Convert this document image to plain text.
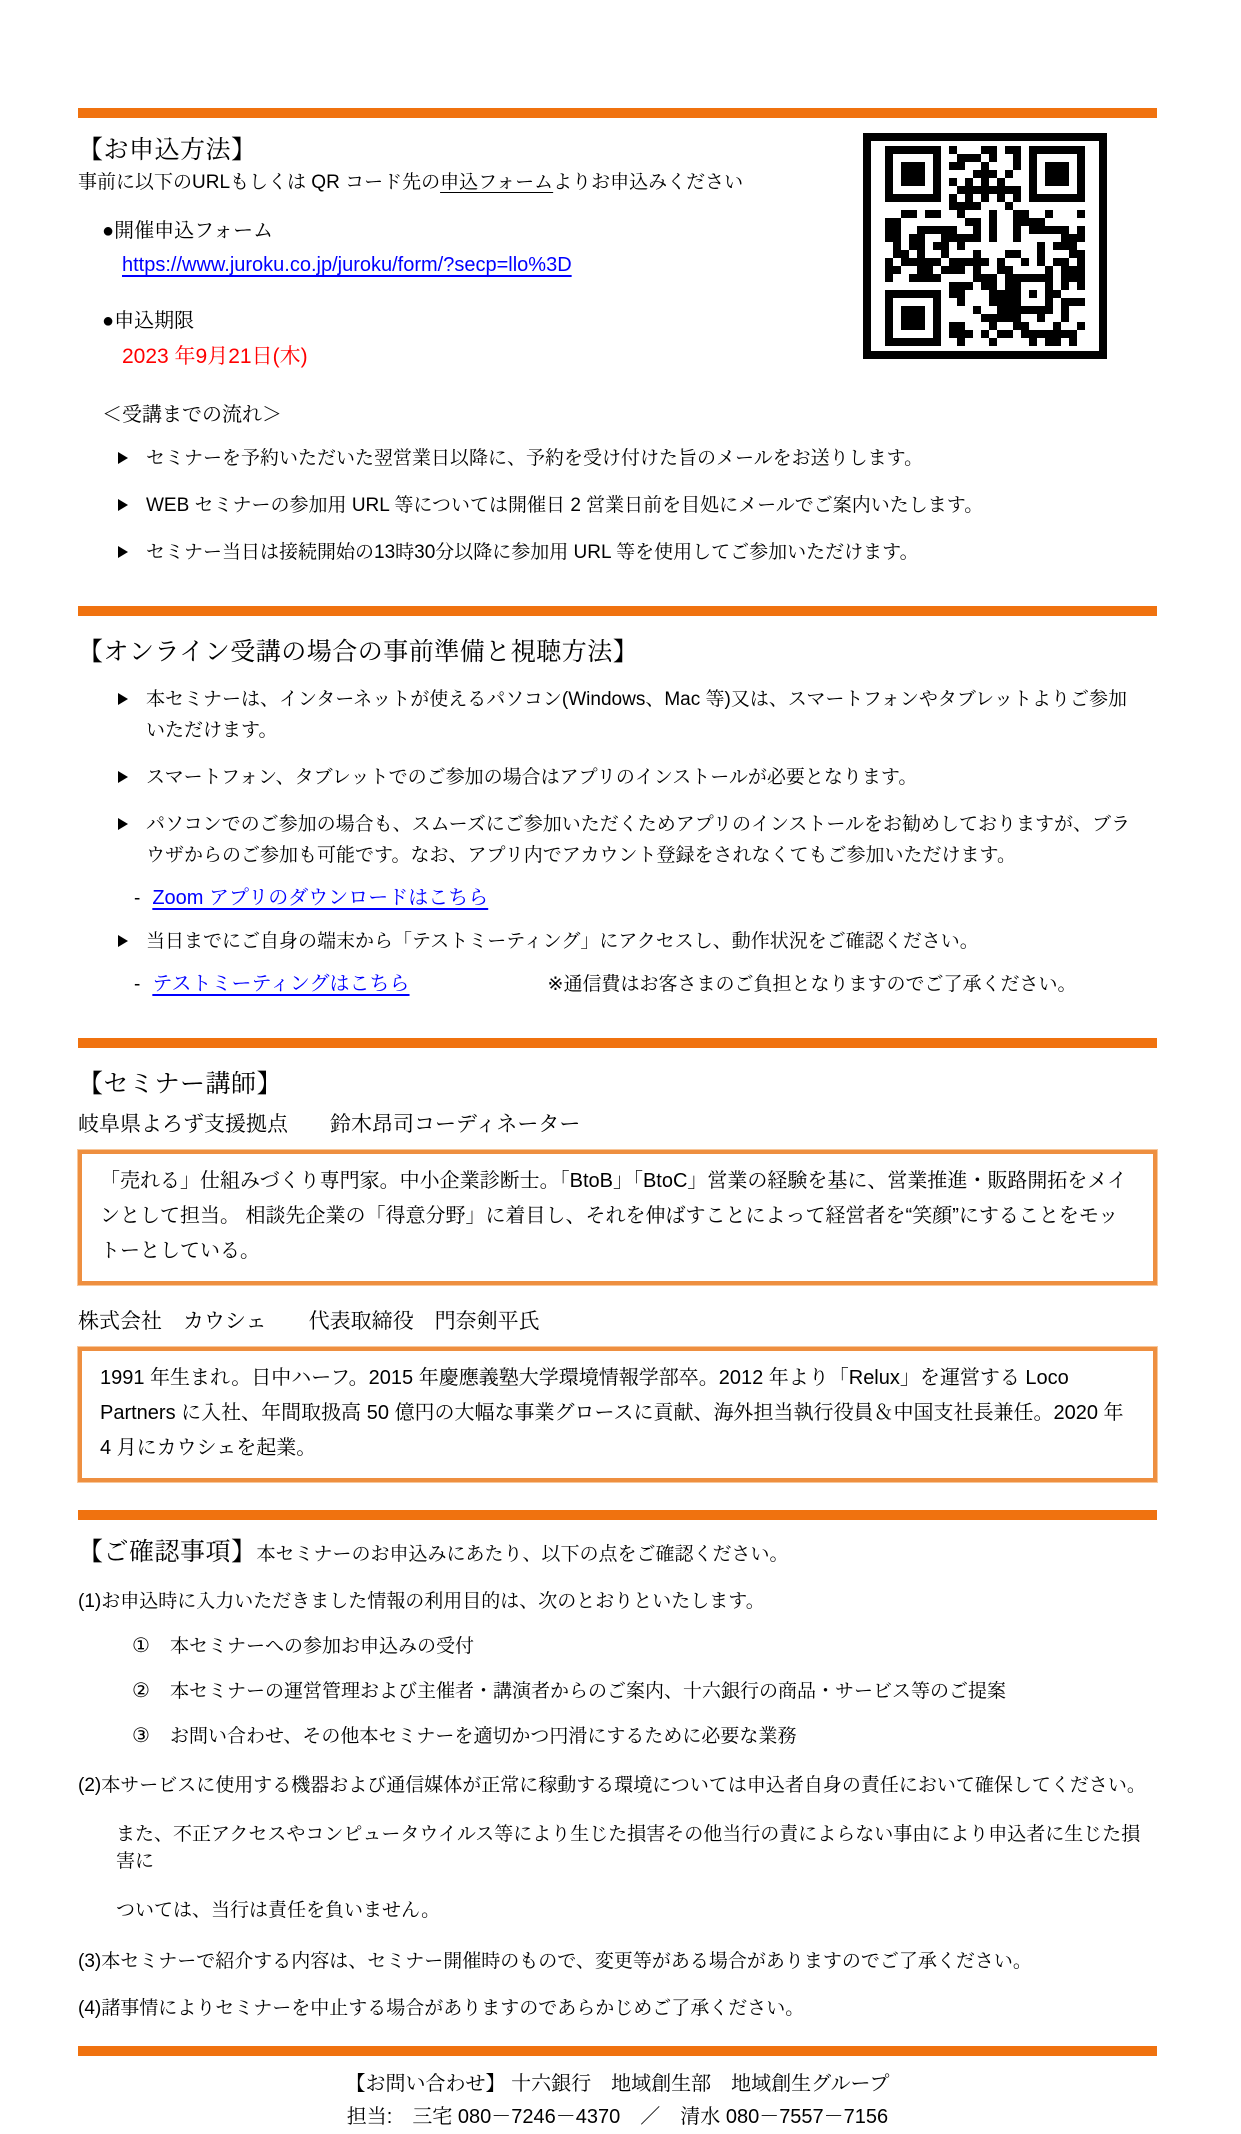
【お申込方法】

事前に以下のURLもしくは QR コード先の申込フォームよりお申込みください

●開催申込フォーム

https://www.juroku.co.jp/juroku/form/?secp=llo%3D

●申込期限

2023 年9月21日(木)

＜受講までの流れ＞

セミナーを予約いただいた翌営業日以降に、予約を受け付けた旨のメールをお送りします。
WEB セミナーの参加用 URL 等については開催日 2 営業日前を目処にメールでご案内いたします。
セミナー当日は接続開始の13時30分以降に参加用 URL 等を使用してご参加いただけます。
【オンライン受講の場合の事前準備と視聴方法】
本セミナーは、インターネットが使えるパソコン(Windows、Mac 等)又は、スマートフォンやタブレットよりご参加いただけます。
スマートフォン、タブレットでのご参加の場合はアプリのインストールが必要となります。
パソコンでのご参加の場合も、スムーズにご参加いただくためアプリのインストールをお勧めしておりますが、ブラウザからのご参加も可能です。なお、アプリ内でアカウント登録をされなくてもご参加いただけます。
- Zoom アプリのダウンロードはこちら
当日までにご自身の端末から「テストミーティング」にアクセスし、動作状況をご確認ください。
- テストミーティングはこちら	※通信費はお客さまのご負担となりますのでご了承ください。
【セミナー講師】

岐阜県よろず支援拠点　　鈴木昂司コーディネーター

「売れる」仕組みづくり専門家。中小企業診断士。「BtoB」「BtoC」営業の経験を基に、営業推進・販路開拓をメインとして担当。 相談先企業の「得意分野」に着目し、それを伸ばすことによって経営者を“笑顔”にすることをモットーとしている。

株式会社　カウシェ　　代表取締役　門奈剣平氏

1991 年生まれ。日中ハーフ。2015 年慶應義塾大学環境情報学部卒。2012 年より「Relux」を運営する Loco Partners に入社、年間取扱高 50 億円の大幅な事業グロースに貢献、海外担当執行役員＆中国支社長兼任。2020 年 4 月にカウシェを起業。
【ご確認事項】 本セミナーのお申込みにあたり、以下の点をご確認ください。

(1)お申込時に入力いただきました情報の利用目的は、次のとおりといたします。

① 本セミナーへの参加お申込みの受付
② 本セミナーの運営管理および主催者・講演者からのご案内、十六銀行の商品・サービス等のご提案
③ お問い合わせ、その他本セミナーを適切かつ円滑にするために必要な業務

(2)本サービスに使用する機器および通信媒体が正常に稼動する環境については申込者自身の責任において確保してください。

また、不正アクセスやコンピュータウイルス等により生じた損害その他当行の責によらない事由により申込者に生じた損害に

ついては、当行は責任を負いません。

(3)本セミナーで紹介する内容は、セミナー開催時のもので、変更等がある場合がありますのでご了承ください。

(4)諸事情によりセミナーを中止する場合がありますのであらかじめご了承ください。

【お問い合わせ】 十六銀行　地域創生部　地域創生グループ

担当:　三宅 080－7246－4370　／　清水 080－7557－7156
